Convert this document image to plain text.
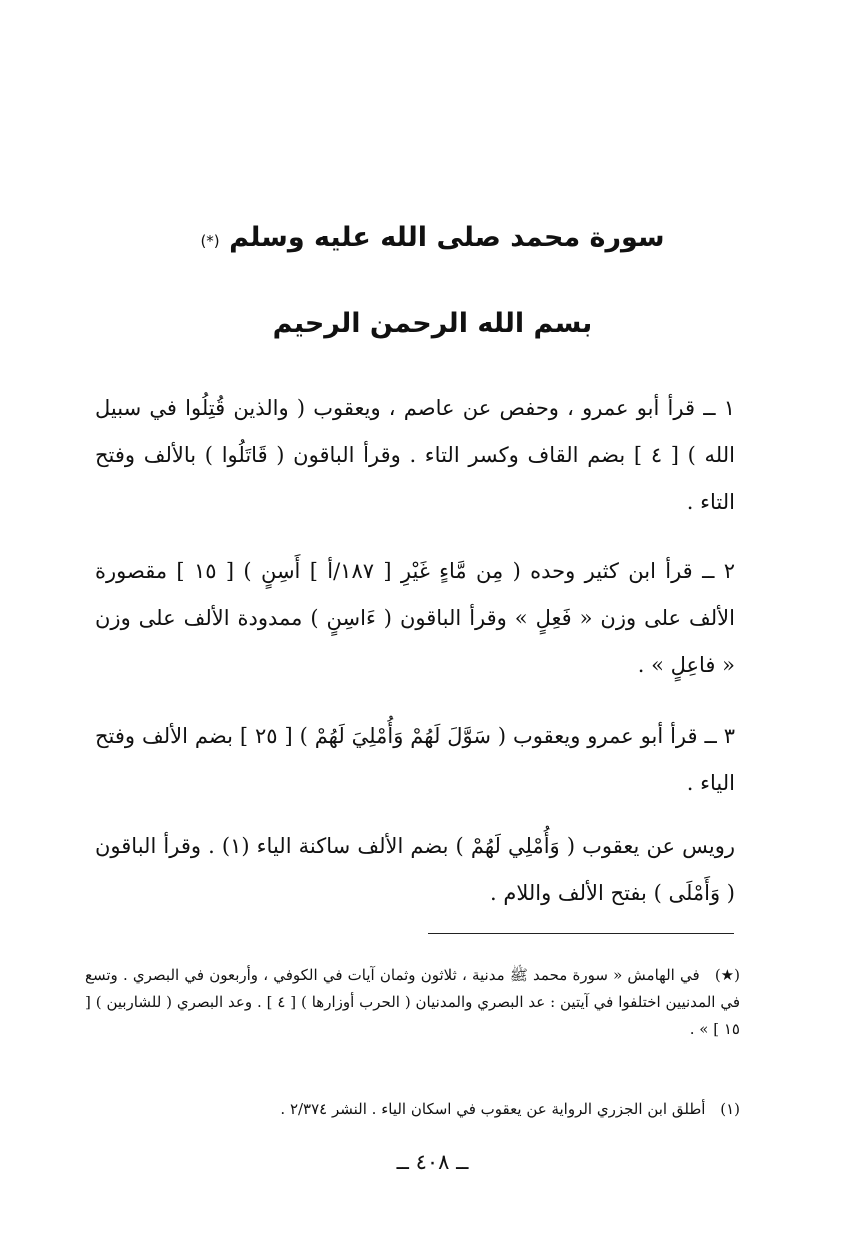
سورة محمد صلى الله عليه وسلم (*)
بسم الله الرحمن الرحيم
١ ــ قرأ أبو عمرو ، وحفص عن عاصم ، ويعقوب ( والذين قُتِلُوا في سبيل الله ) [ ٤ ] بضم القاف وكسر التاء . وقرأ الباقون ( قَاتَلُوا ) بالألف وفتح التاء .
٢ ــ قرأ ابن كثير وحده ( مِن مَّاءٍ غَيْرِ [ ١٨٧/أ ] أَسِنٍ ) [ ١٥ ] مقصورة الألف على وزن « فَعِلٍ » وقرأ الباقون ( ءَاسِنٍ ) ممدودة الألف على وزن « فاعِلٍ » .
٣ ــ قرأ أبو عمرو ويعقوب ( سَوَّلَ لَهُمْ وَأُمْلِيَ لَهُمْ ) [ ٢٥ ] بضم الألف وفتح الياء .
رويس عن يعقوب ( وَأُمْلِي لَهُمْ ) بضم الألف ساكنة الياء (١) . وقرأ الباقون ( وَأَمْلَى ) بفتح الألف واللام .
(★) في الهامش « سورة محمد ﷺ مدنية ، ثلاثون وثمان آيات في الكوفي ، وأربعون في البصري . وتسع في المدنيين اختلفوا في آيتين : عد البصري والمدنيان ( الحرب أوزارها ) [ ٤ ] . وعد البصري ( للشاربين ) [ ١٥ ] » .
(١) أطلق ابن الجزري الرواية عن يعقوب في اسكان الياء . النشر ٢/٣٧٤ .
ــ ٤٠٨ ــ
